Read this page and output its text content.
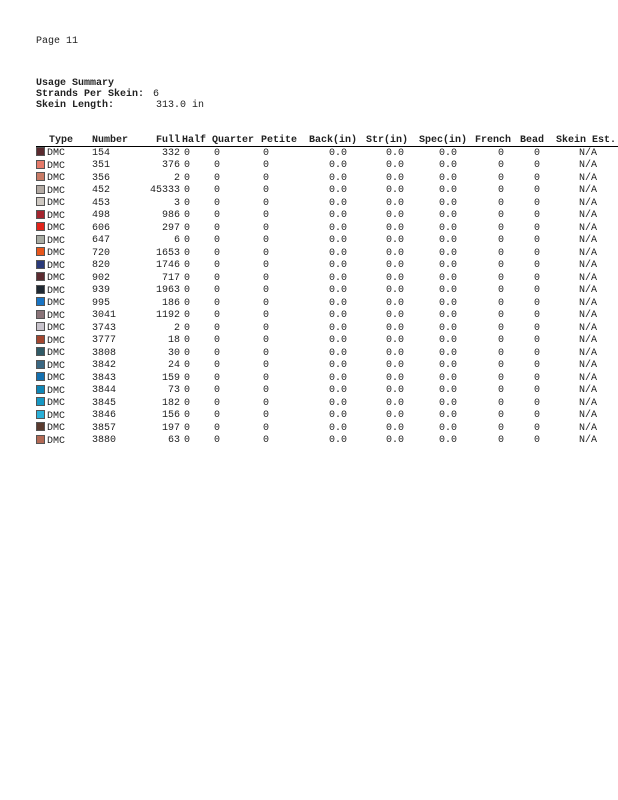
Page 11
Usage Summary
Strands Per Skein: 6
Skein Length:	313.0 in
Type	Number	Full	Half	Quarter	Petite	Back(in)	Str(in)	Spec(in)	French	Bead	Skein Est.
DMC	154	332	0	0	0	0.0	0.0	0.0	0	0	N/A
DMC	351	376	0	0	0	0.0	0.0	0.0	0	0	N/A
DMC	356	2	0	0	0	0.0	0.0	0.0	0	0	N/A
DMC	452	45333	0	0	0	0.0	0.0	0.0	0	0	N/A
DMC	453	3	0	0	0	0.0	0.0	0.0	0	0	N/A
DMC	498	986	0	0	0	0.0	0.0	0.0	0	0	N/A
DMC	606	297	0	0	0	0.0	0.0	0.0	0	0	N/A
DMC	647	6	0	0	0	0.0	0.0	0.0	0	0	N/A
DMC	720	1653	0	0	0	0.0	0.0	0.0	0	0	N/A
DMC	820	1746	0	0	0	0.0	0.0	0.0	0	0	N/A
DMC	902	717	0	0	0	0.0	0.0	0.0	0	0	N/A
DMC	939	1963	0	0	0	0.0	0.0	0.0	0	0	N/A
DMC	995	186	0	0	0	0.0	0.0	0.0	0	0	N/A
DMC	3041	1192	0	0	0	0.0	0.0	0.0	0	0	N/A
DMC	3743	2	0	0	0	0.0	0.0	0.0	0	0	N/A
DMC	3777	18	0	0	0	0.0	0.0	0.0	0	0	N/A
DMC	3808	30	0	0	0	0.0	0.0	0.0	0	0	N/A
DMC	3842	24	0	0	0	0.0	0.0	0.0	0	0	N/A
DMC	3843	159	0	0	0	0.0	0.0	0.0	0	0	N/A
DMC	3844	73	0	0	0	0.0	0.0	0.0	0	0	N/A
DMC	3845	182	0	0	0	0.0	0.0	0.0	0	0	N/A
DMC	3846	156	0	0	0	0.0	0.0	0.0	0	0	N/A
DMC	3857	197	0	0	0	0.0	0.0	0.0	0	0	N/A
DMC	3880	63	0	0	0	0.0	0.0	0.0	0	0	N/A
